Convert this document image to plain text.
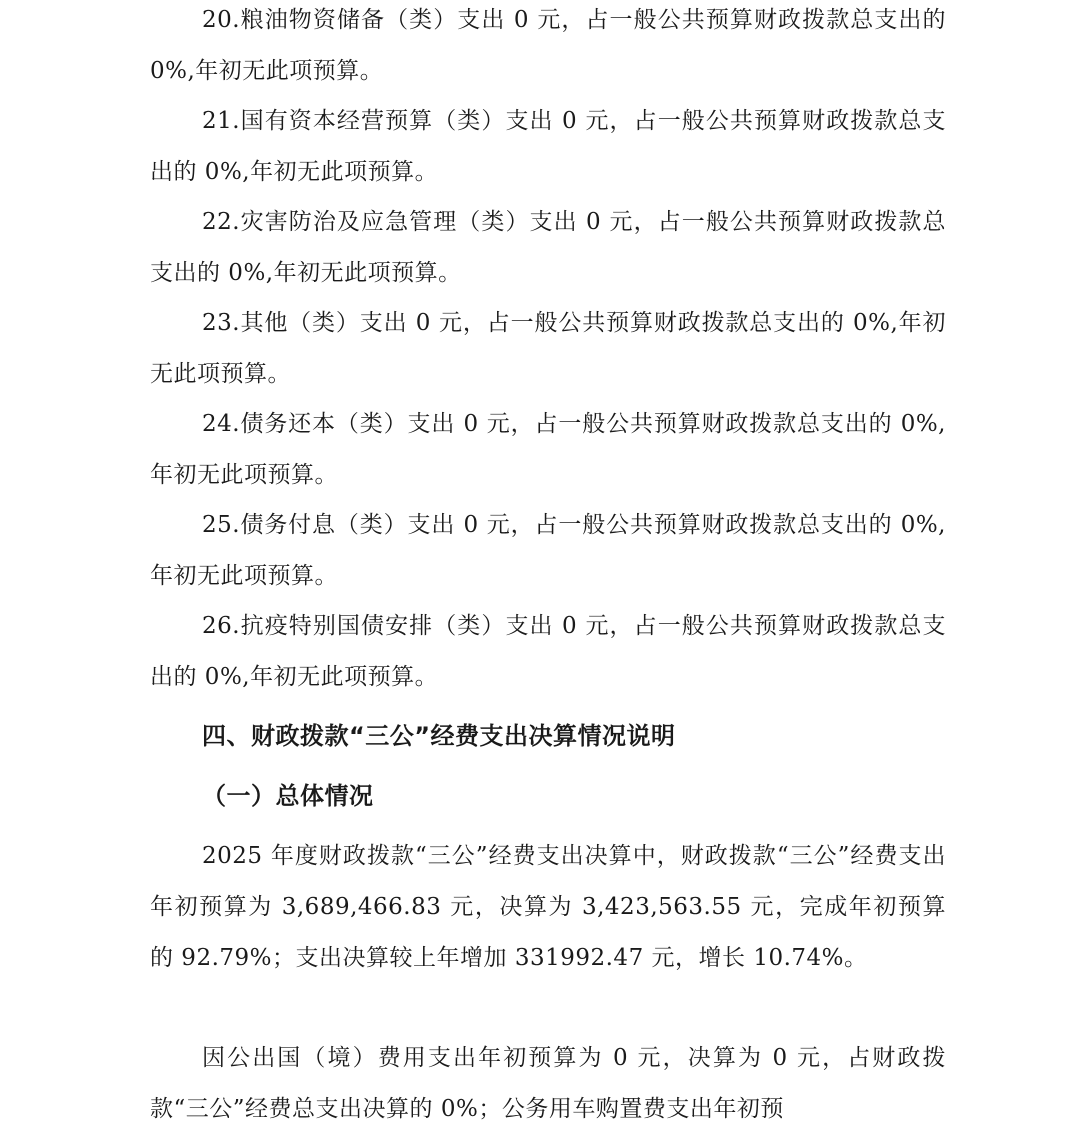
20.粮油物资储备（类）支出 0 元，占一般公共预算财政拨款总支出的 0%,年初无此项预算。

21.国有资本经营预算（类）支出 0 元，占一般公共预算财政拨款总支出的 0%,年初无此项预算。

22.灾害防治及应急管理（类）支出 0 元，占一般公共预算财政拨款总支出的 0%,年初无此项预算。

23.其他（类）支出 0 元，占一般公共预算财政拨款总支出的 0%,年初无此项预算。

24.债务还本（类）支出 0 元，占一般公共预算财政拨款总支出的 0%,年初无此项预算。

25.债务付息（类）支出 0 元，占一般公共预算财政拨款总支出的 0%,年初无此项预算。

26.抗疫特别国债安排（类）支出 0 元，占一般公共预算财政拨款总支出的 0%,年初无此项预算。

四、财政拨款“三公”经费支出决算情况说明
（一）总体情况

2025 年度财政拨款“三公”经费支出决算中，财政拨款“三公”经费支出年初预算为 3,689,466.83 元，决算为 3,423,563.55 元，完成年初预算的 92.79%；支出决算较上年增加 331992.47 元，增长 10.74%。

因公出国（境）费用支出年初预算为 0 元，决算为 0 元，占财政拨款“三公”经费总支出决算的 0%；公务用车购置费支出年初预
